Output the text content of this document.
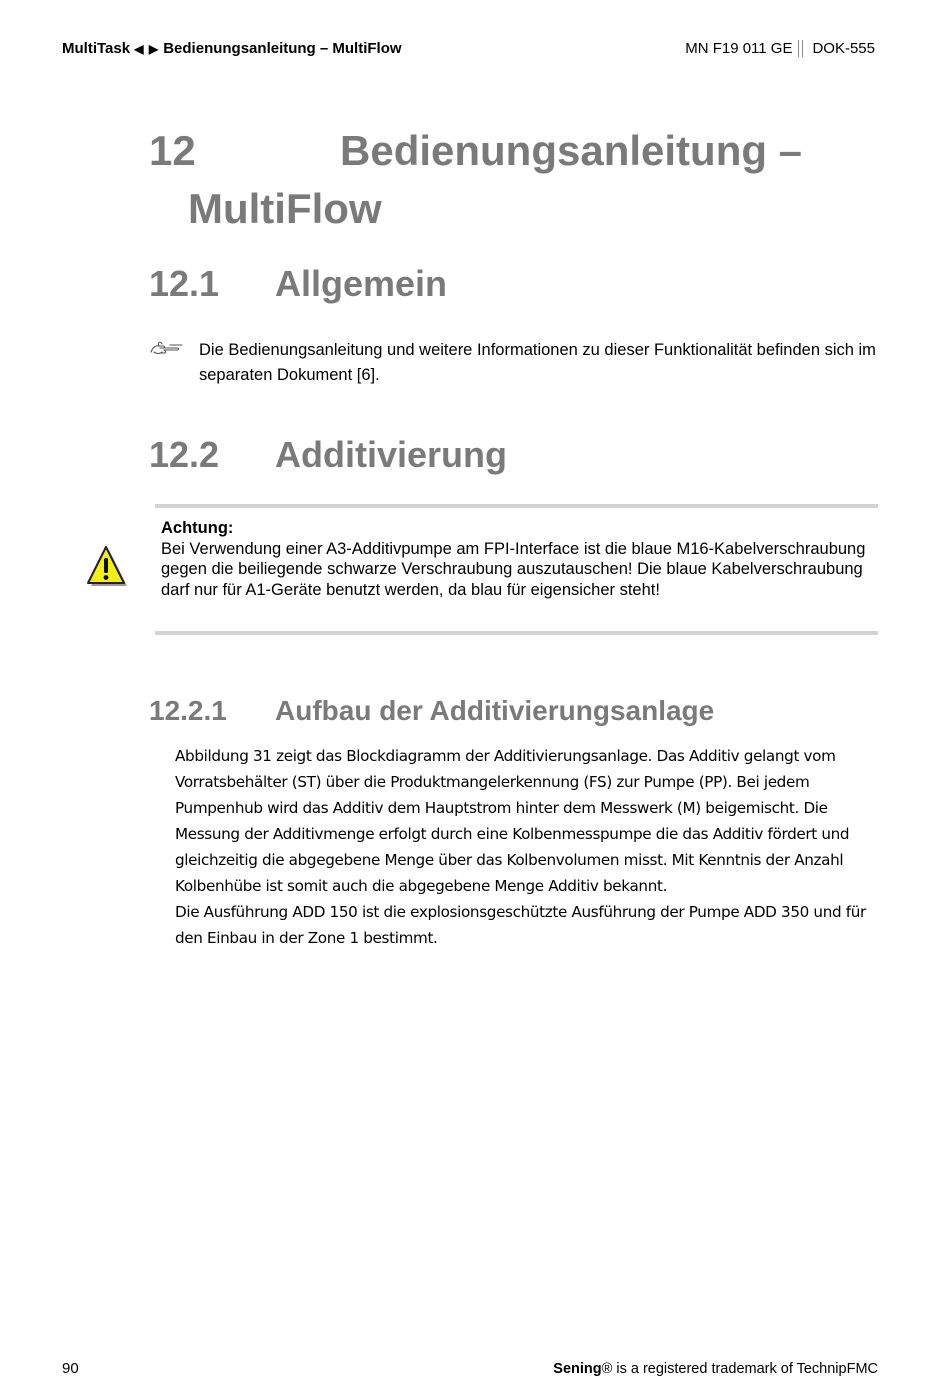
MultiTask ◀ ▶ Bedienungsanleitung – MultiFlow	MN F19 011 GE DOK-555
12	Bedienungsanleitung –
MultiFlow
12.1 Allgemein
Die Bedienungsanleitung und weitere Informationen zu dieser Funktionalität befinden sich im separaten Dokument [6].
12.2 Additivierung
Achtung:
Bei Verwendung einer A3-Additivpumpe am FPI-Interface ist die blaue M16-Kabelverschraubung gegen die beiliegende schwarze Verschraubung auszutauschen! Die blaue Kabelverschraubung darf nur für A1-Geräte benutzt werden, da blau für eigensicher steht!
12.2.1 Aufbau der Additivierungsanlage

Abbildung 31 zeigt das Blockdiagramm der Additivierungsanlage. Das Additiv gelangt vom Vorratsbehälter (ST) über die Produktmangelerkennung (FS) zur Pumpe (PP). Bei jedem Pumpenhub wird das Additiv dem Hauptstrom hinter dem Messwerk (M) beigemischt. Die Messung der Additivmenge erfolgt durch eine Kolbenmesspumpe die das Additiv fördert und gleichzeitig die abgegebene Menge über das Kolbenvolumen misst. Mit Kenntnis der Anzahl Kolbenhübe ist somit auch die abgegebene Menge Additiv bekannt.

Die Ausführung ADD 150 ist die explosionsgeschützte Ausführung der Pumpe ADD 350 und für den Einbau in der Zone 1 bestimmt.

90	Sening® is a registered trademark of TechnipFMC
